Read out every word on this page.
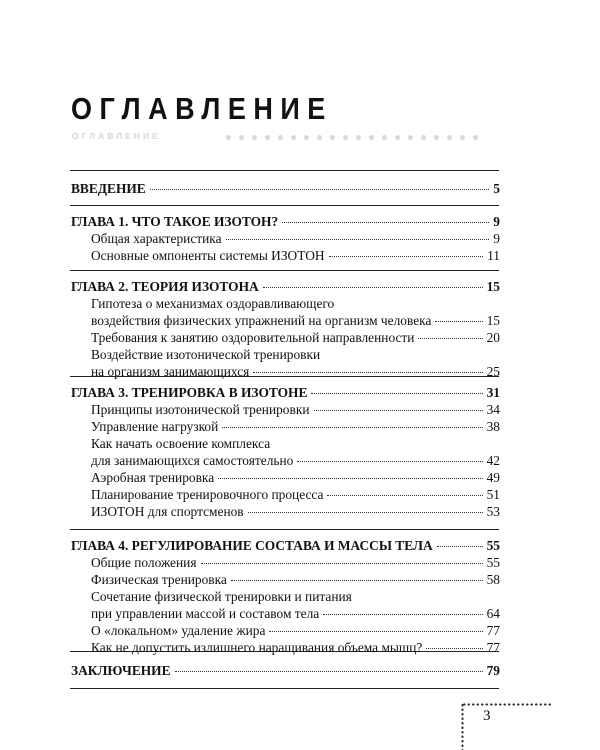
ОГЛАВЛЕНИЕ
ОГЛАВЛЕНИЕ
ВВЕДЕНИЕ	5
ГЛАВА 1. ЧТО ТАКОЕ ИЗОТОН?	9
Общая характеристика	9
Основные омпоненты системы ИЗОТОН	11
ГЛАВА 2. ТЕОРИЯ ИЗОТОНА	15
Гипотеза о механизмах оздоравливающего
воздействия физических упражнений на организм человека	15
Требования к занятию оздоровительной направленности	20
Воздействие изотонической тренировки
на организм занимающихся	25
ГЛАВА 3. ТРЕНИРОВКА В ИЗОТОНЕ	31
Принципы изотонической тренировки	34
Управление нагрузкой	38
Как начать освоение комплекса
для занимающихся самостоятельно	42
Аэробная тренировка	49
Планирование тренировочного процесса	51
ИЗОТОН для спортсменов	53
ГЛАВА 4. РЕГУЛИРОВАНИЕ СОСТАВА И МАССЫ ТЕЛА	55
Общие положения	55
Физическая тренировка	58
Сочетание физической тренировки и питания
при управлении массой и составом тела	64
О «локальном» удаление жира	77
Как не допустить излишнего наращивания объема мышц?	77
ЗАКЛЮЧЕНИЕ	79
3
